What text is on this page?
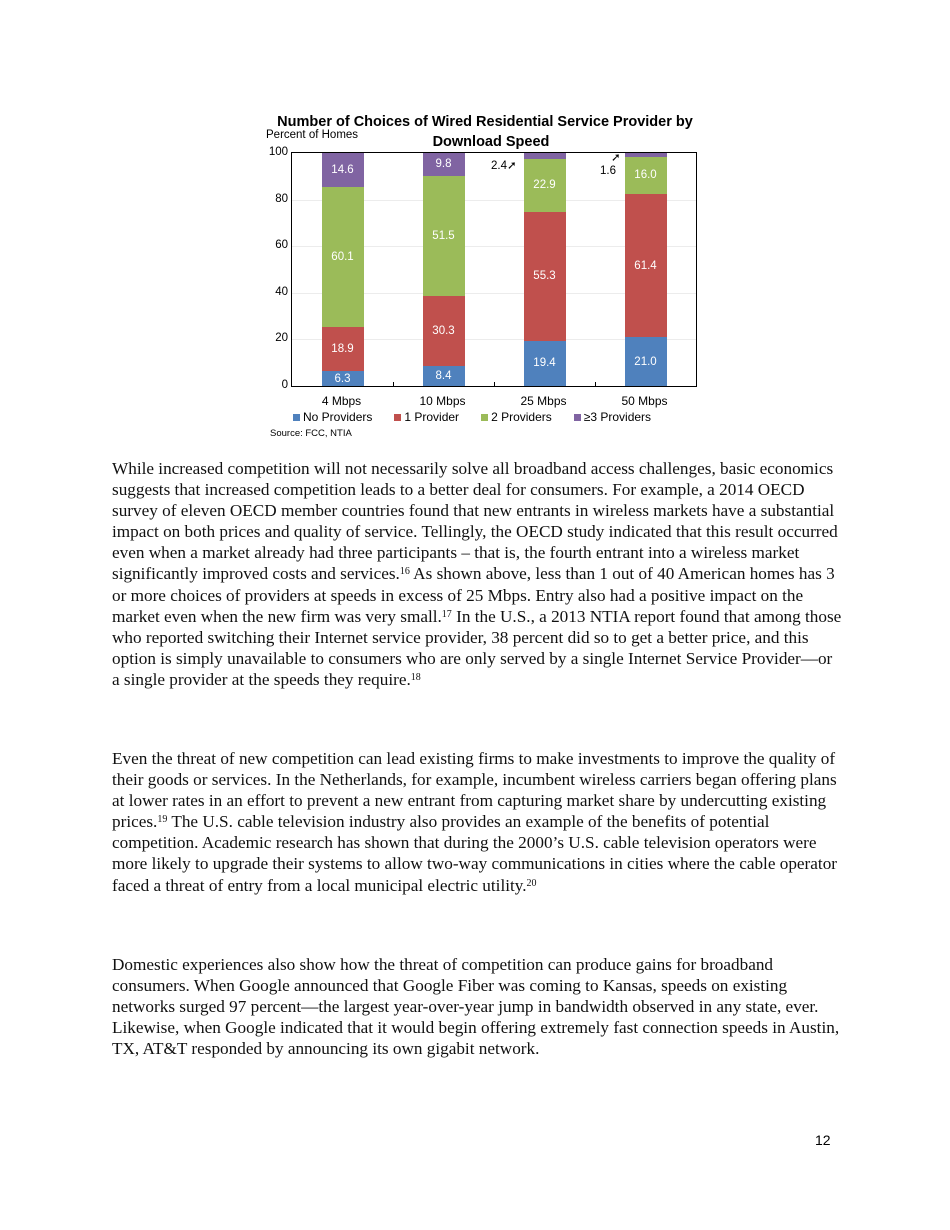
Number of Choices of Wired Residential Service Provider by
Download Speed
Percent of Homes
0
20
40
60
80
100
6.3
18.9
60.1
14.6
8.4
30.3
51.5
9.8
19.4
55.3
22.9
21.0
61.4
16.0
4 Mbps	10 Mbps	25 Mbps	50 Mbps
No Providers	1 Provider	2 Providers	≥3 Providers
Source: FCC, NTIA
2.4➚	1.6
➚

While increased competition will not necessarily solve all broadband access challenges, basic economics suggests that increased competition leads to a better deal for consumers. For example, a 2014 OECD survey of eleven OECD member countries found that new entrants in wireless markets have a substantial impact on both prices and quality of service. Tellingly, the OECD study indicated that this result occurred even when a market already had three participants – that is, the fourth entrant into a wireless market significantly improved costs and services.$^{16}$ As shown above, less than 1 out of 40 American homes has 3 or more choices of providers at speeds in excess of 25 Mbps. Entry also had a positive impact on the market even when the new firm was very small.$^{17}$ In the U.S., a 2013 NTIA report found that among those who reported switching their Internet service provider, 38 percent did so to get a better price, and this option is simply unavailable to consumers who are only served by a single Internet Service Provider—or a single provider at the speeds they require.$^{18}$

Even the threat of new competition can lead existing firms to make investments to improve the quality of their goods or services. In the Netherlands, for example, incumbent wireless carriers began offering plans at lower rates in an effort to prevent a new entrant from capturing market share by undercutting existing prices.$^{19}$ The U.S. cable television industry also provides an example of the benefits of potential competition. Academic research has shown that during the 2000’s U.S. cable television operators were more likely to upgrade their systems to allow two-way communications in cities where the cable operator faced a threat of entry from a local municipal electric utility.$^{20}$

Domestic experiences also show how the threat of competition can produce gains for broadband consumers. When Google announced that Google Fiber was coming to Kansas, speeds on existing networks surged 97 percent—the largest year-over-year jump in bandwidth observed in any state, ever. Likewise, when Google indicated that it would begin offering extremely fast connection speeds in Austin, TX, AT&T responded by announcing its own gigabit network.

12
